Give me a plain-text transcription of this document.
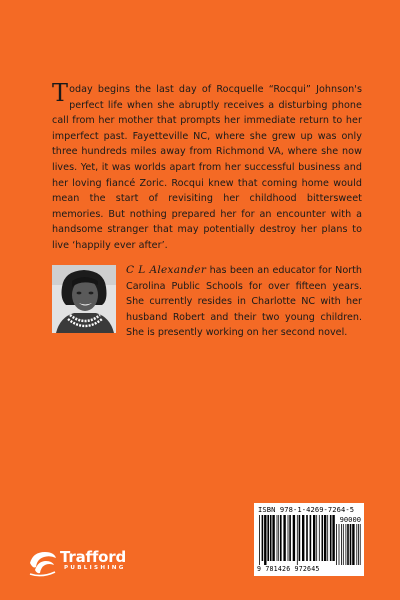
Today begins the last day of Rocquelle “Rocqui” Johnson's perfect life when she abruptly receives a disturbing phone call from her mother that prompts her immediate return to her imperfect past. Fayetteville NC, where she grew up was only three hundreds miles away from Richmond VA, where she now lives. Yet, it was worlds apart from her successful business and her loving fiancé Zoric. Rocqui knew that coming home would mean the start of revisiting her childhood bittersweet memories. But nothing prepared her for an encounter with a handsome stranger that may potentially destroy her plans to live ‘happily ever after’.
C L Alexander has been an educator for North Carolina Public Schools for over fifteen years. She currently resides in Charlotte NC with her husband Robert and their two young children. She is presently working on her second novel.
ISBN 978-1-4269-7264-5
90000
9 781426 972645
Trafford
PUBLISHING
